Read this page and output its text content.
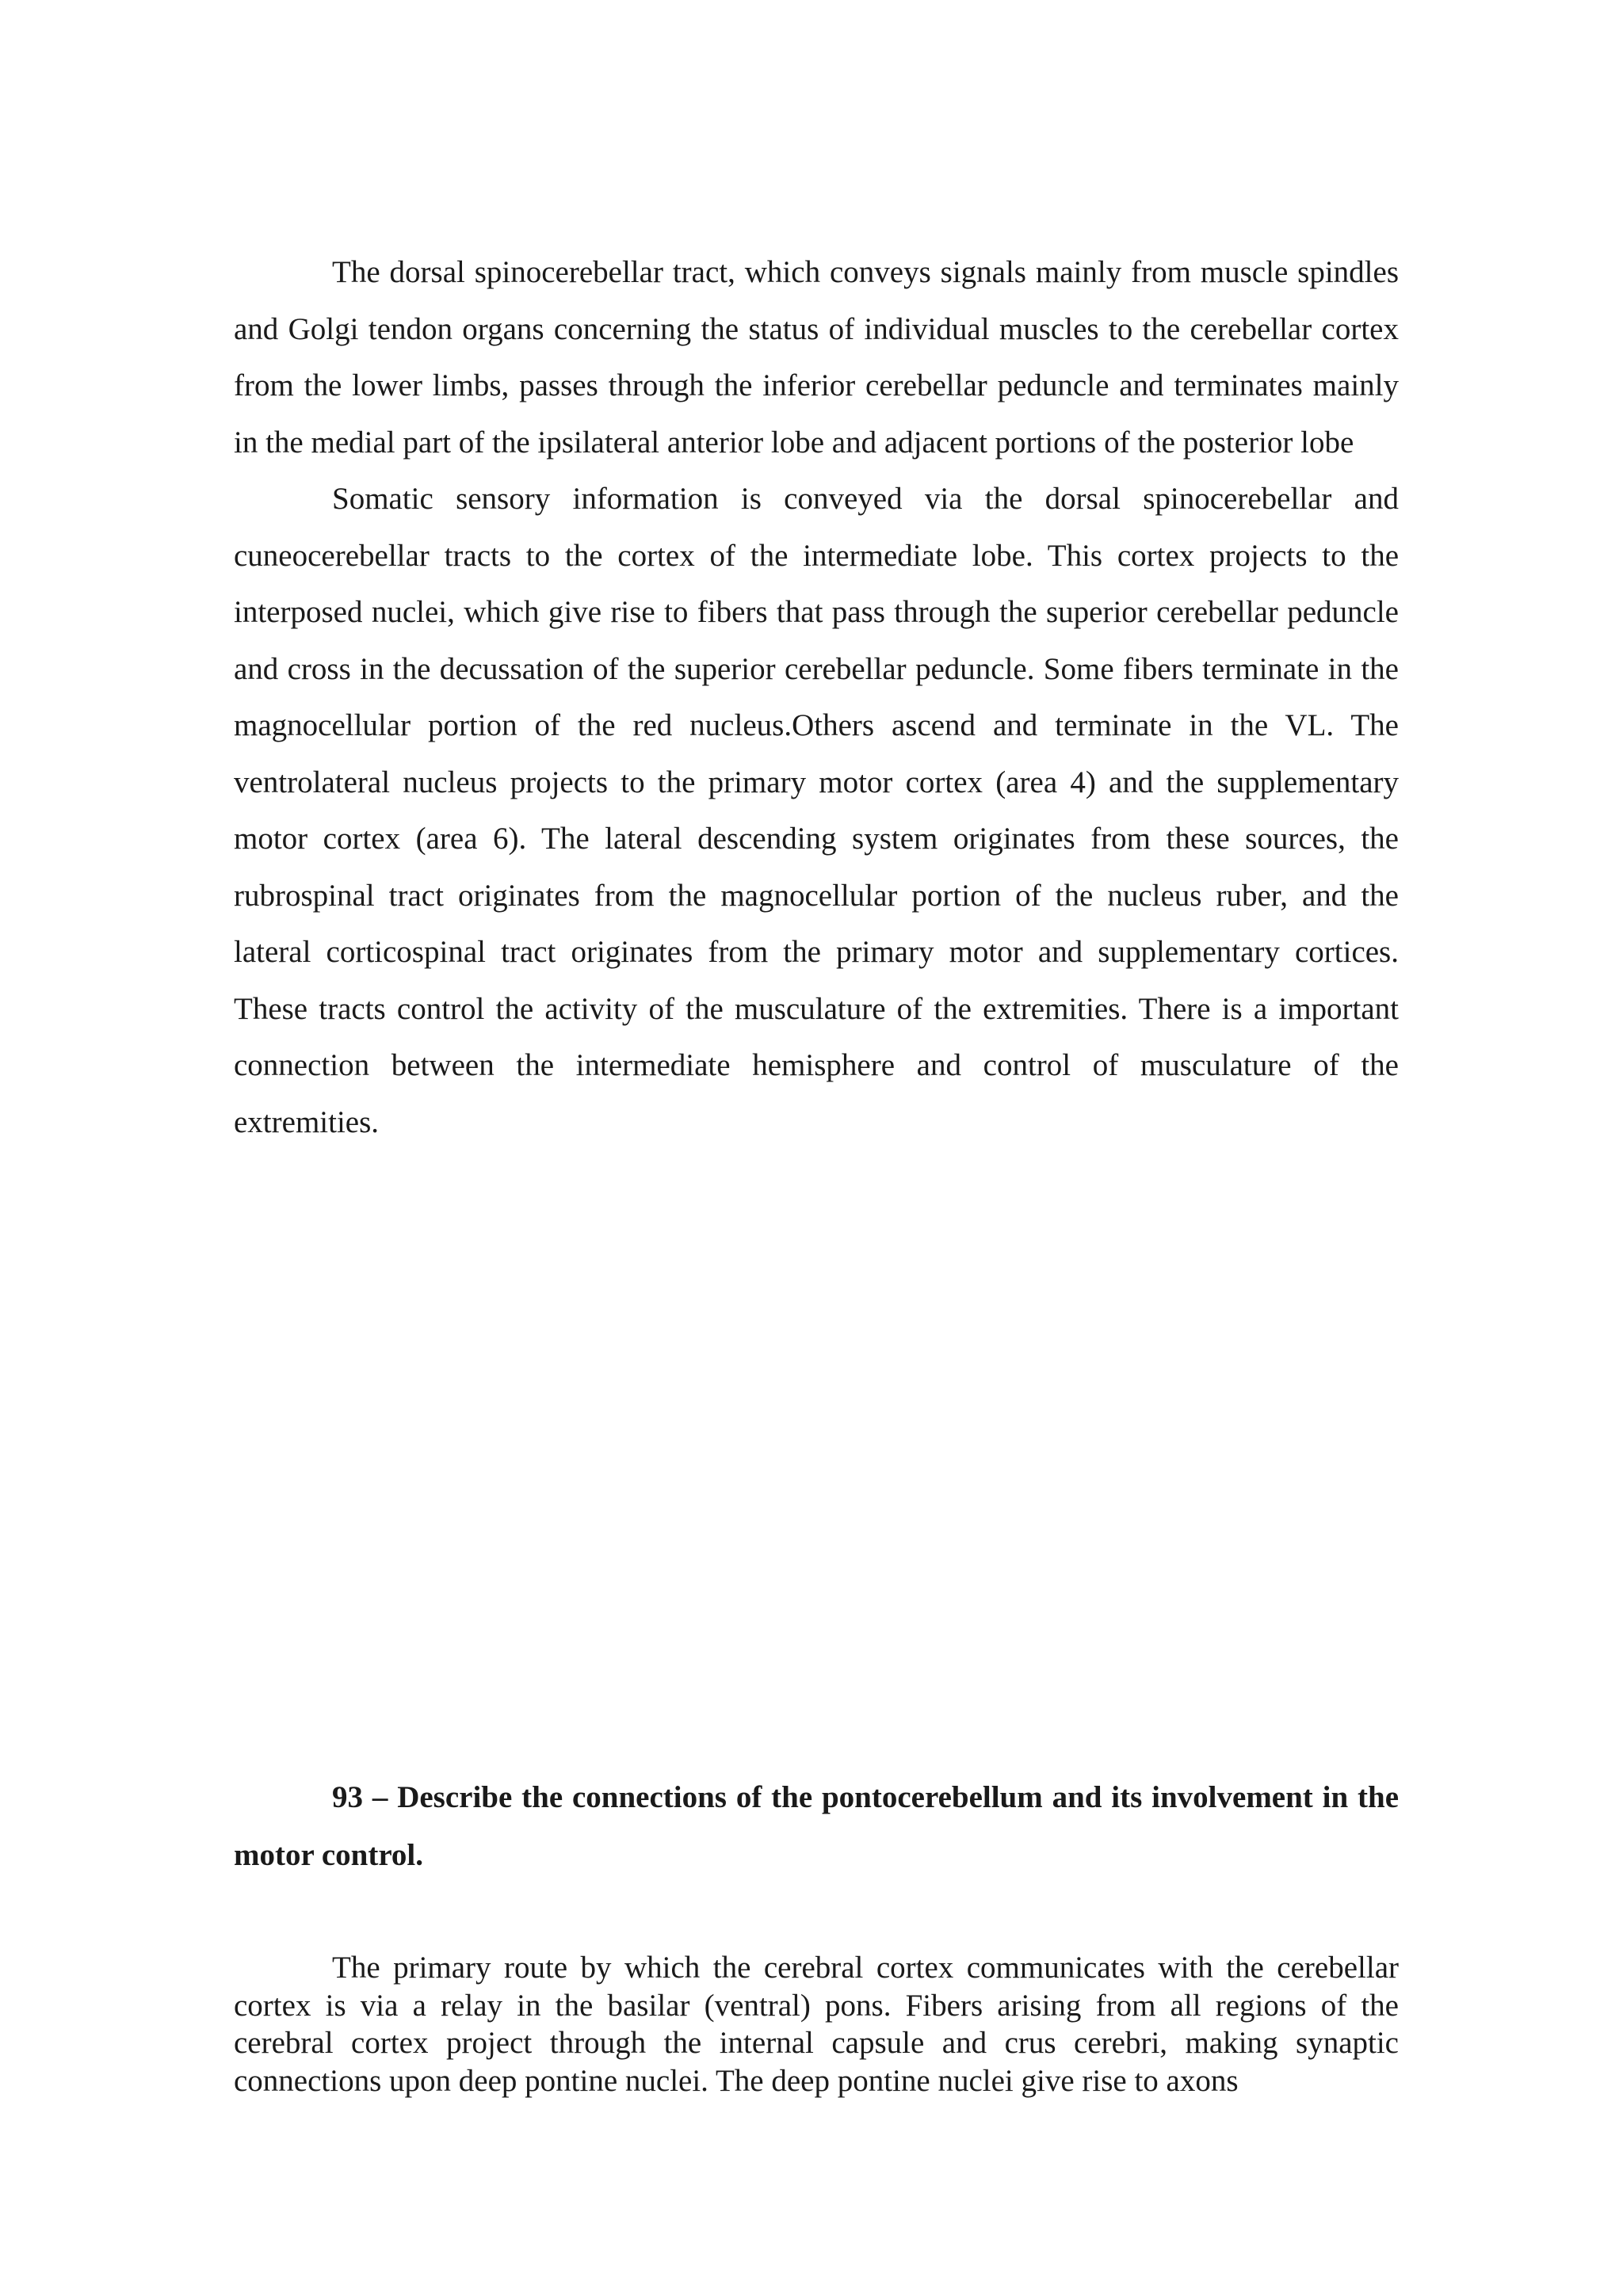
The dorsal spinocerebellar tract, which conveys signals mainly from muscle spindles and Golgi tendon organs concerning the status of individual muscles to the cerebellar cortex from the lower limbs, passes through the inferior cerebellar peduncle and terminates mainly in the medial part of the ipsilateral anterior lobe and adjacent portions of the posterior lobe

Somatic sensory information is conveyed via the dorsal spinocerebellar and cuneocerebellar tracts to the cortex of the intermediate lobe. This cortex projects to the interposed nuclei, which give rise to fibers that pass through the superior cerebellar peduncle and cross in the decussation of the superior cerebellar peduncle. Some fibers terminate in the magnocellular portion of the red nucleus.Others ascend and terminate in the VL. The ventrolateral nucleus projects to the primary motor cortex (area 4) and the supplementary motor cortex (area 6). The lateral descending system originates from these sources, the rubrospinal tract originates from the magnocellular portion of the nucleus ruber, and the lateral corticospinal tract originates from the primary motor and supplementary cortices. These tracts control the activity of the musculature of the extremities. There is a important connection between the intermediate hemisphere and control of musculature of the extremities.

93 – Describe the connections of the pontocerebellum and its involvement in the motor control.

The primary route by which the cerebral cortex communicates with the cerebellar cortex is via a relay in the basilar (ventral) pons. Fibers arising from all regions of the cerebral cortex project through the internal capsule and crus cerebri, making synaptic connections upon deep pontine nuclei. The deep pontine nuclei give rise to axons
